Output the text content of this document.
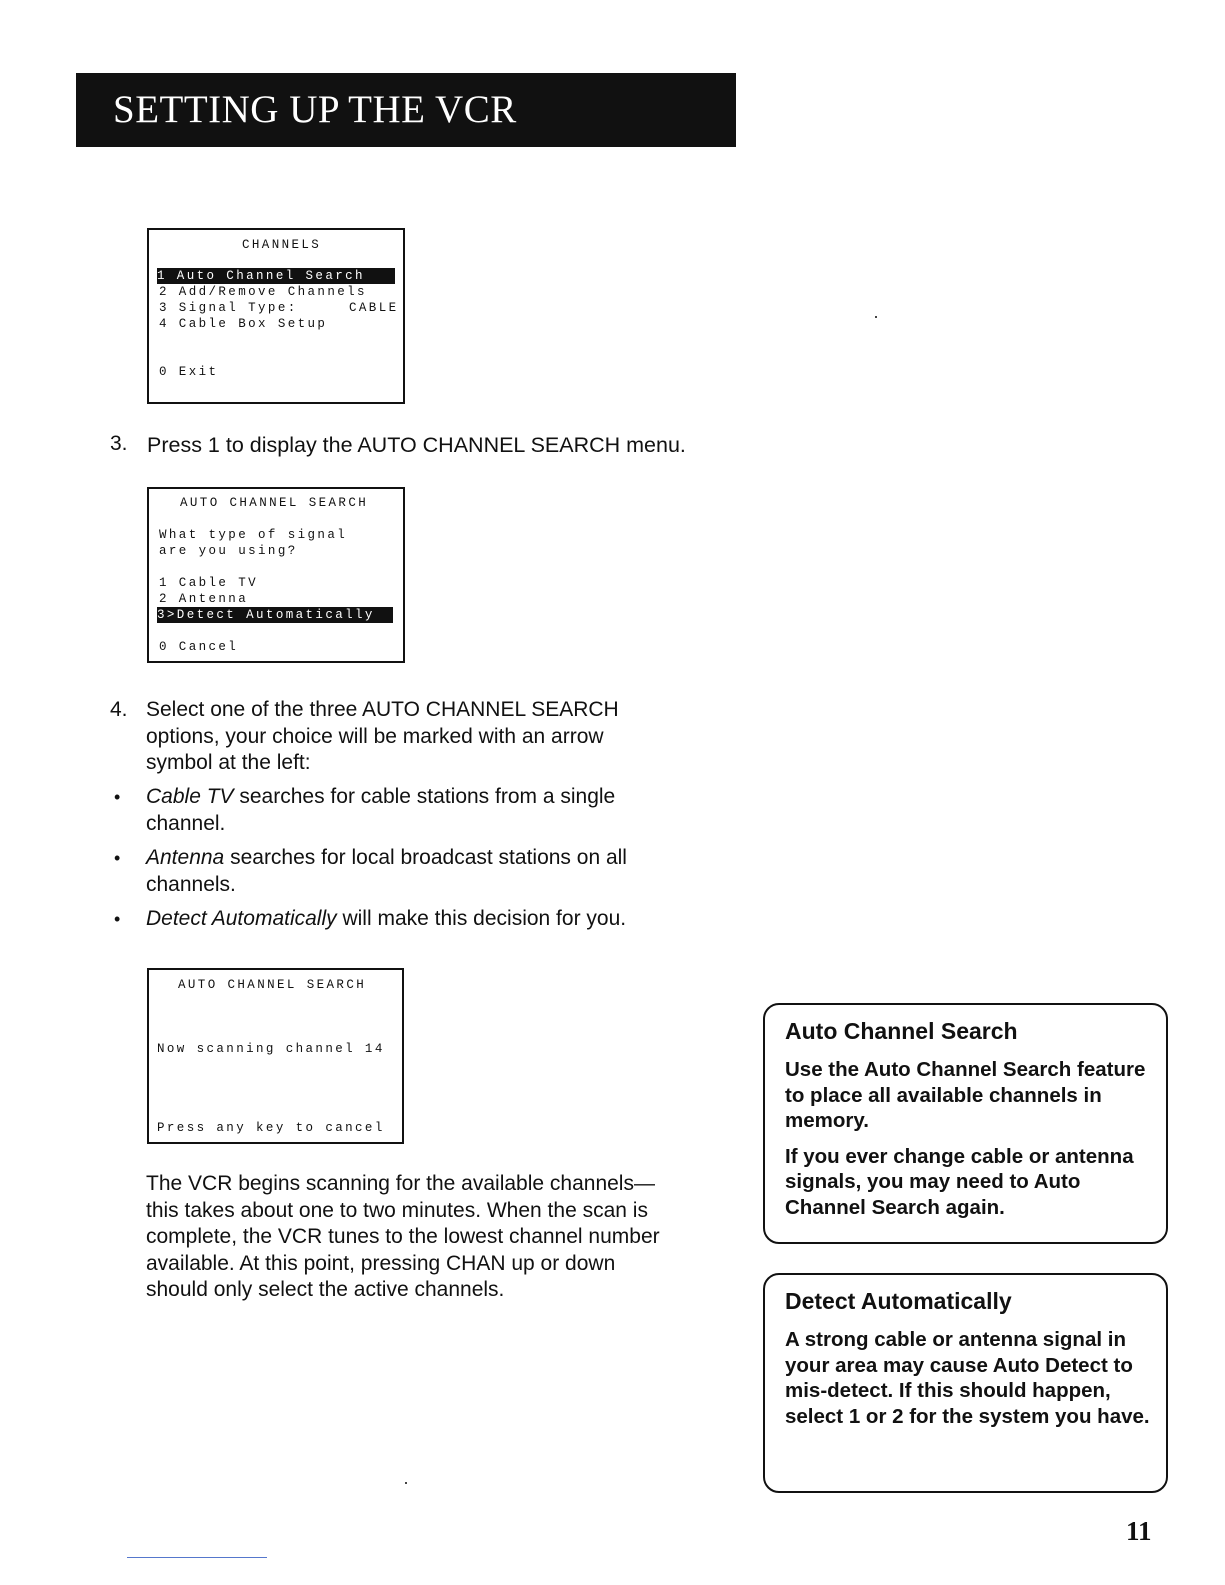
SETTING UP THE VCR
CHANNELS
1 Auto Channel Search
2 Add/Remove Channels
3 Signal Type:	CABLE
4 Cable Box Setup
0 Exit
3. Press 1 to display the AUTO CHANNEL SEARCH menu.

AUTO CHANNEL SEARCH
What type of signal
are you using?
1 Cable TV
2 Antenna
3>Detect Automatically
0 Cancel
4. Select one of the three AUTO CHANNEL SEARCH
options, your choice will be marked with an arrow
symbol at the left:
• Cable TV searches for cable stations from a single
channel.
• Antenna searches for local broadcast stations on all
channels.
• Detect Automatically will make this decision for you.
AUTO CHANNEL SEARCH
Now scanning channel 14
Press any key to cancel
The VCR begins scanning for the available channels—
this takes about one to two minutes. When the scan is
complete, the VCR tunes to the lowest channel number
available. At this point, pressing CHAN up or down
should only select the active channels.
Auto Channel Search

Use the Auto Channel Search feature to place all available channels in memory.

If you ever change cable or antenna signals, you may need to Auto Channel Search again.

Detect Automatically

A strong cable or antenna signal in your area may cause Auto Detect to mis-detect. If this should happen, select 1 or 2 for the system you have.

11
